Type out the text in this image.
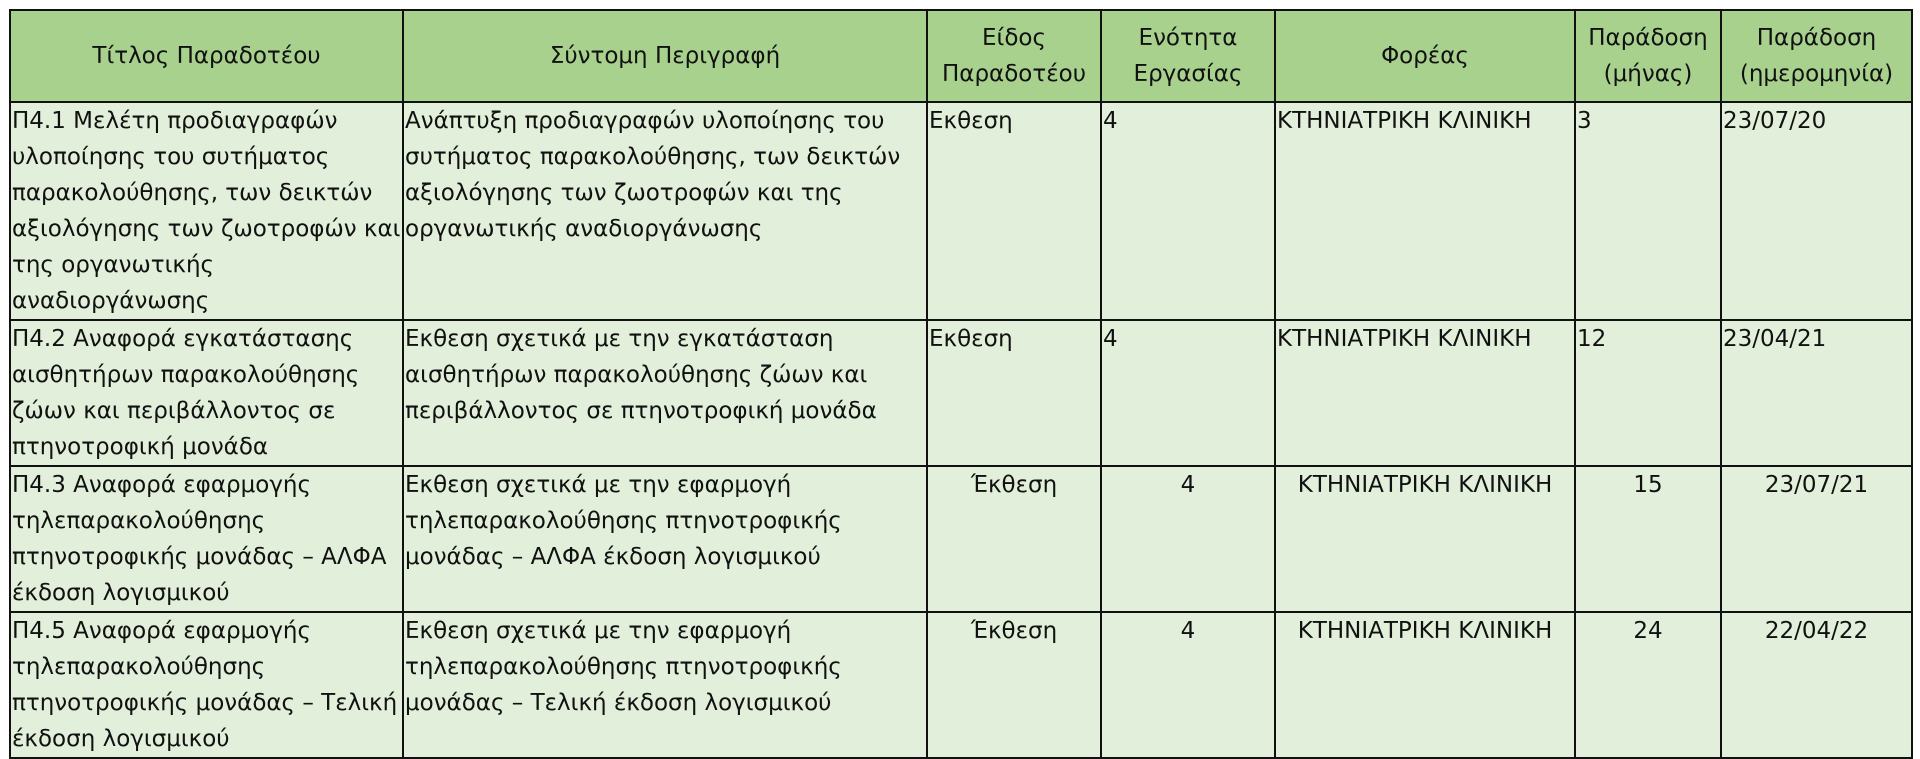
Τίτλος Παραδοτέου	Σύντομη Περιγραφή	Είδος Παραδοτέου	Ενότητα Εργασίας	Φορέας	Παράδοση (μήνας)	Παράδοση (ημερομηνία)
Π4.1 Μελέτη προδιαγραφών υλοποίησης του συτήματος παρακολούθησης, των δεικτών αξιολόγησης των ζωοτροφών και της οργανωτικής αναδιοργάνωσης	Ανάπτυξη προδιαγραφών υλοποίησης του συτήματος παρακολούθησης, των δεικτών αξιολόγησης των ζωοτροφών και της οργανωτικής αναδιοργάνωσης	Εκθεση	4	ΚΤΗΝΙΑΤΡΙΚΗ ΚΛΙΝΙΚΗ	3	23/07/20
Π4.2 Αναφορά εγκατάστασης αισθητήρων παρακολούθησης ζώων και περιβάλλοντος σε πτηνοτροφική μονάδα	Εκθεση σχετικά με την εγκατάσταση αισθητήρων παρακολούθησης ζώων και περιβάλλοντος σε πτηνοτροφική μονάδα	Εκθεση	4	ΚΤΗΝΙΑΤΡΙΚΗ ΚΛΙΝΙΚΗ	12	23/04/21
Π4.3 Αναφορά εφαρμογής τηλεπαρακολούθησης πτηνοτροφικής μονάδας – ΑΛΦΑ έκδοση λογισμικού	Εκθεση σχετικά με την εφαρμογή τηλεπαρακολούθησης πτηνοτροφικής μονάδας – ΑΛΦΑ έκδοση λογισμικού	Έκθεση	4	ΚΤΗΝΙΑΤΡΙΚΗ ΚΛΙΝΙΚΗ	15	23/07/21
Π4.5 Αναφορά εφαρμογής τηλεπαρακολούθησης πτηνοτροφικής μονάδας – Τελική έκδοση λογισμικού	Εκθεση σχετικά με την εφαρμογή τηλεπαρακολούθησης πτηνοτροφικής μονάδας – Τελική έκδοση λογισμικού	Έκθεση	4	ΚΤΗΝΙΑΤΡΙΚΗ ΚΛΙΝΙΚΗ	24	22/04/22
